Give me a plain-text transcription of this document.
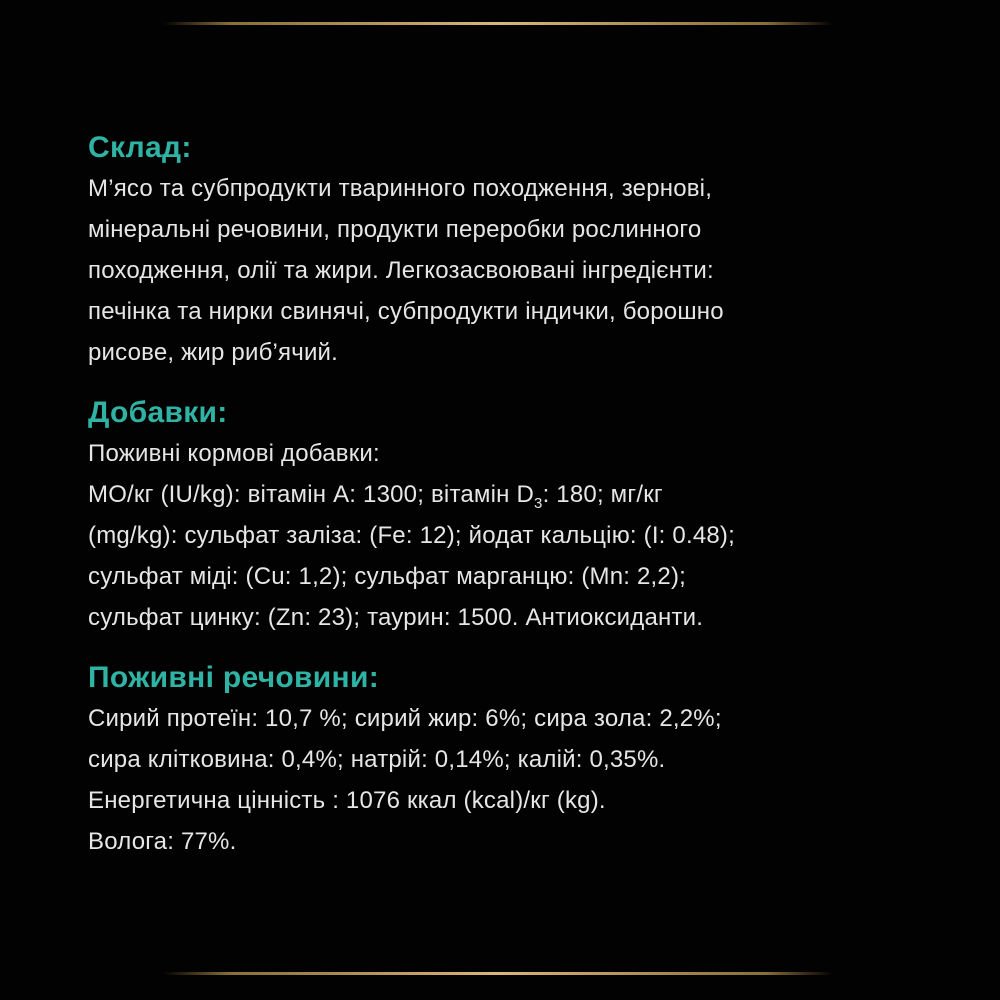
Склад:

М’ясо та субпродукти тваринного походження, зернові,

мінеральні речовини, продукти переробки рослинного

походження, олії та жири. Легкозасвоювані інгредієнти:

печінка та нирки свинячі, субпродукти індички, борошно

рисове, жир риб’ячий.

Добавки:

Поживні кормові добавки:

МО/кг (IU/kg): вітамін А: 1300; вітамін $D_3$: 180; мг/кг

(mg/kg): сульфат заліза: (Fe: 12); йодат кальцію: (I: 0.48);

сульфат міді: (Cu: 1,2); сульфат марганцю: (Mn: 2,2);

сульфат цинку: (Zn: 23); таурин: 1500. Антиоксиданти.

Поживні речовини:

Сирий протеїн: 10,7 %; сирий жир: 6%; сира зола: 2,2%;

сира клітковина: 0,4%; натрій: 0,14%; калій: 0,35%.

Енергетична цінність : 1076 ккал (kcal)/кг (kg).

Волога: 77%.
